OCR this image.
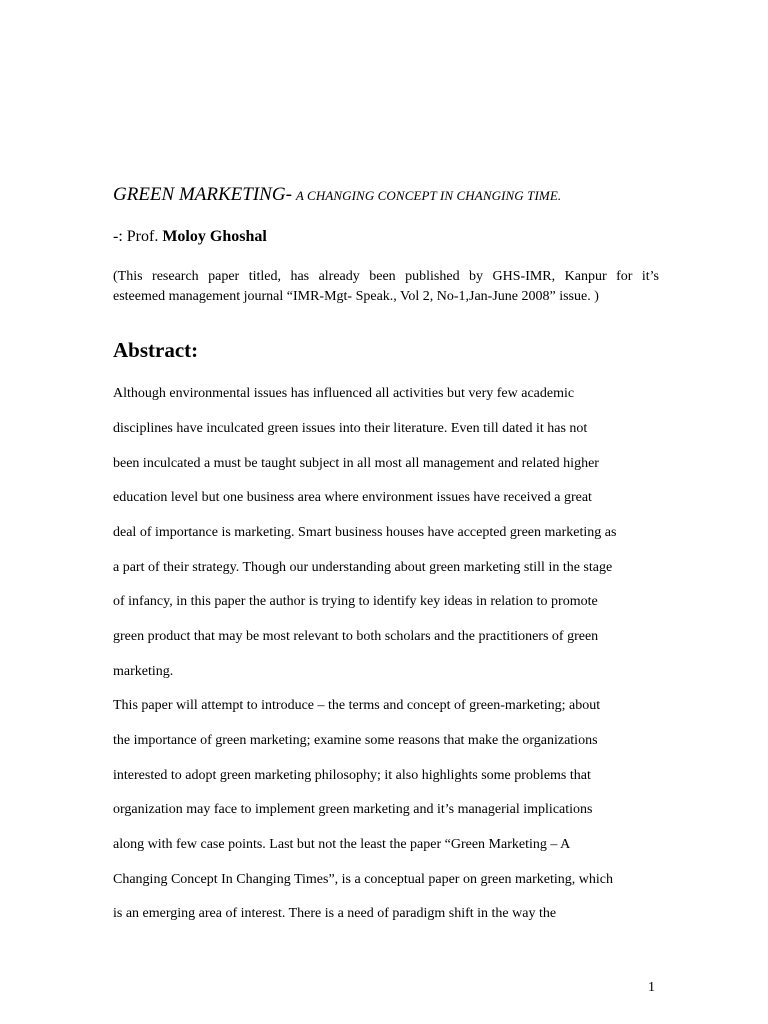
GREEN MARKETING- A CHANGING CONCEPT IN CHANGING TIME.
-: Prof. Moloy Ghoshal
(This research paper titled, has already been published by GHS-IMR, Kanpur for it’s
esteemed management journal “IMR-Mgt- Speak., Vol 2, No-1,Jan-June 2008” issue. )
Abstract:
Although environmental issues has influenced all activities but very few academic
disciplines have inculcated green issues into their literature. Even till dated it has not
been inculcated a must be taught subject in all most all management and related higher
education level but one business area where environment issues have received a great
deal of importance is marketing. Smart business houses have accepted green marketing as
a part of their strategy. Though our understanding about green marketing still in the stage
of infancy, in this paper the author is trying to identify key ideas in relation to promote
green product that may be most relevant to both scholars and the practitioners of green
marketing.
This paper will attempt to introduce – the terms and concept of green-marketing; about
the importance of green marketing; examine some reasons that make the organizations
interested to adopt green marketing philosophy; it also highlights some problems that
organization may face to implement green marketing and it’s managerial implications
along with few case points. Last but not the least the paper “Green Marketing – A
Changing Concept In Changing Times”, is a conceptual paper on green marketing, which
is an emerging area of interest. There is a need of paradigm shift in the way the
1
